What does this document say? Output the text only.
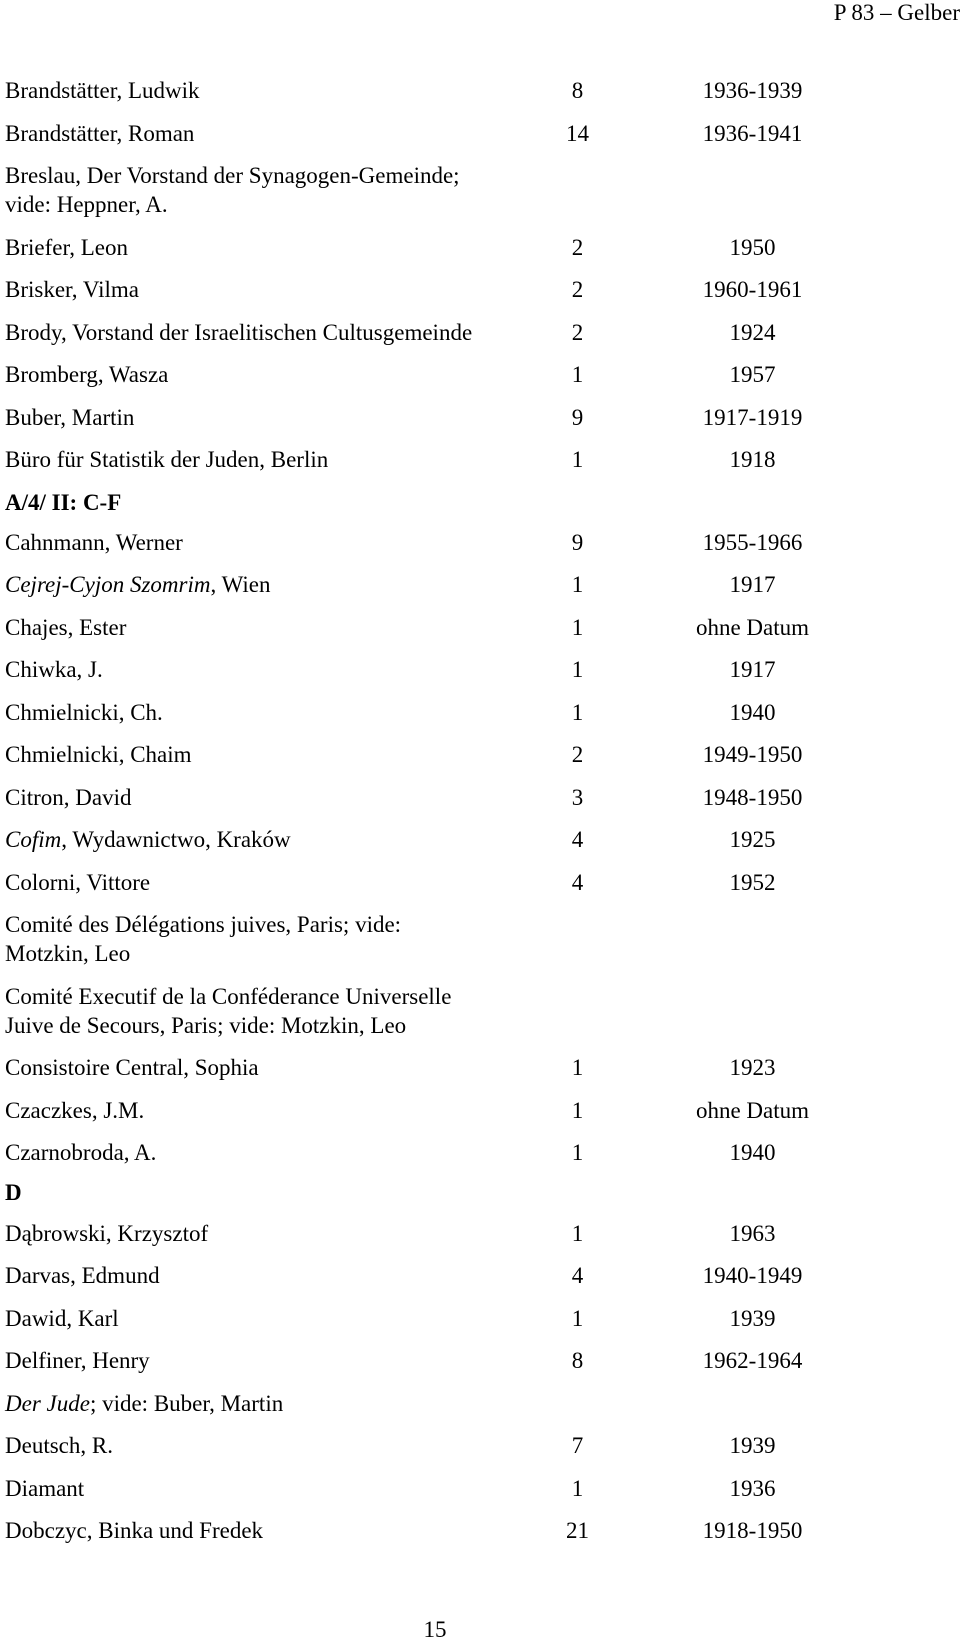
P 83 – Gelber
Brandstätter, Ludwik	8	1936-1939
Brandstätter, Roman	14	1936-1941
Breslau, Der Vorstand der Synagogen-Gemeinde;
vide: Heppner, A.
Briefer, Leon	2	1950
Brisker, Vilma	2	1960-1961
Brody, Vorstand der Israelitischen Cultusgemeinde	2	1924
Bromberg, Wasza	1	1957
Buber, Martin	9	1917-1919
Büro für Statistik der Juden, Berlin	1	1918
A/4/ II: C-F
Cahnmann, Werner	9	1955-1966
Cejrej-Cyjon Szomrim, Wien	1	1917
Chajes, Ester	1	ohne Datum
Chiwka, J.	1	1917
Chmielnicki, Ch.	1	1940
Chmielnicki, Chaim	2	1949-1950
Citron, David	3	1948-1950
Cofim, Wydawnictwo, Kraków	4	1925
Colorni, Vittore	4	1952
Comité des Délégations juives, Paris; vide:
Motzkin, Leo
Comité Executif de la Conféderance Universelle
Juive de Secours, Paris; vide: Motzkin, Leo
Consistoire Central, Sophia	1	1923
Czaczkes, J.M.	1	ohne Datum
Czarnobroda, A.	1	1940
D
Dąbrowski, Krzysztof	1	1963
Darvas, Edmund	4	1940-1949
Dawid, Karl	1	1939
Delfiner, Henry	8	1962-1964
Der Jude; vide: Buber, Martin
Deutsch, R.	7	1939
Diamant	1	1936
Dobczyc, Binka und Fredek	21	1918-1950
15
